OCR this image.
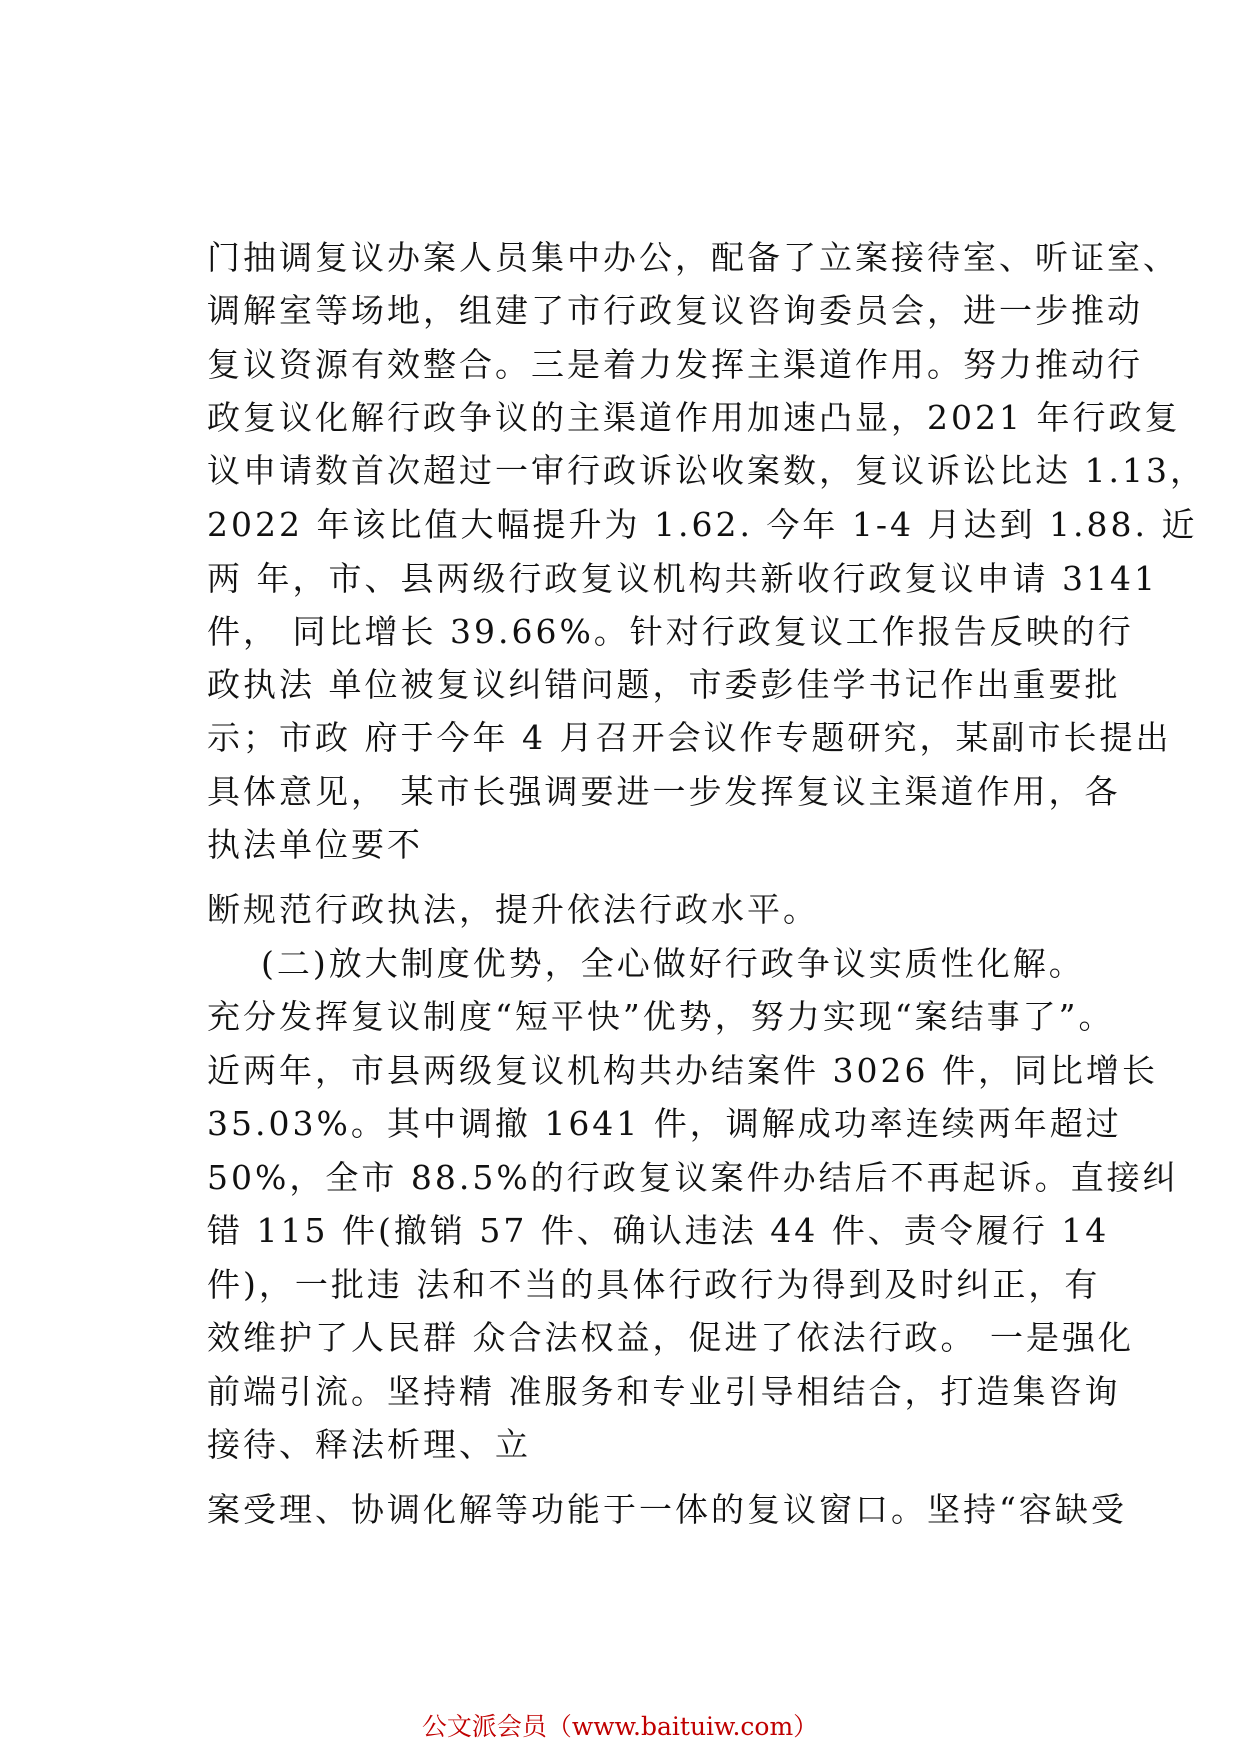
门抽调复议办案人员集中办公，配备了立案接待室、听证室、
调解室等场地，组建了市行政复议咨询委员会，进一步推动
复议资源有效整合。三是着力发挥主渠道作用。努力推动行
政复议化解行政争议的主渠道作用加速凸显，2021 年行政复
议申请数首次超过一审行政诉讼收案数，复议诉讼比达 1.13，
2022 年该比值大幅提升为 1.62. 今年 1-4 月达到 1.88. 近
两 年，市、县两级行政复议机构共新收行政复议申请 3141
件， 同比增长 39.66%。针对行政复议工作报告反映的行
政执法 单位被复议纠错问题，市委彭佳学书记作出重要批
示；市政 府于今年 4 月召开会议作专题研究，某副市长提出
具体意见， 某市长强调要进一步发挥复议主渠道作用，各
执法单位要不
断规范行政执法，提升依法行政水平。
(二)放大制度优势，全心做好行政争议实质性化解。
充分发挥复议制度“短平快”优势，努力实现“案结事了”。
近两年，市县两级复议机构共办结案件 3026 件，同比增长
35.03%。其中调撤 1641 件，调解成功率连续两年超过
50%，全市 88.5%的行政复议案件办结后不再起诉。直接纠
错 115 件(撤销 57 件、确认违法 44 件、责令履行 14
件)，一批违 法和不当的具体行政行为得到及时纠正，有
效维护了人民群 众合法权益，促进了依法行政。 一是强化
前端引流。坚持精 准服务和专业引导相结合，打造集咨询
接待、释法析理、立
案受理、协调化解等功能于一体的复议窗口。坚持“容缺受
公文派会员（www.baituiw.com）
